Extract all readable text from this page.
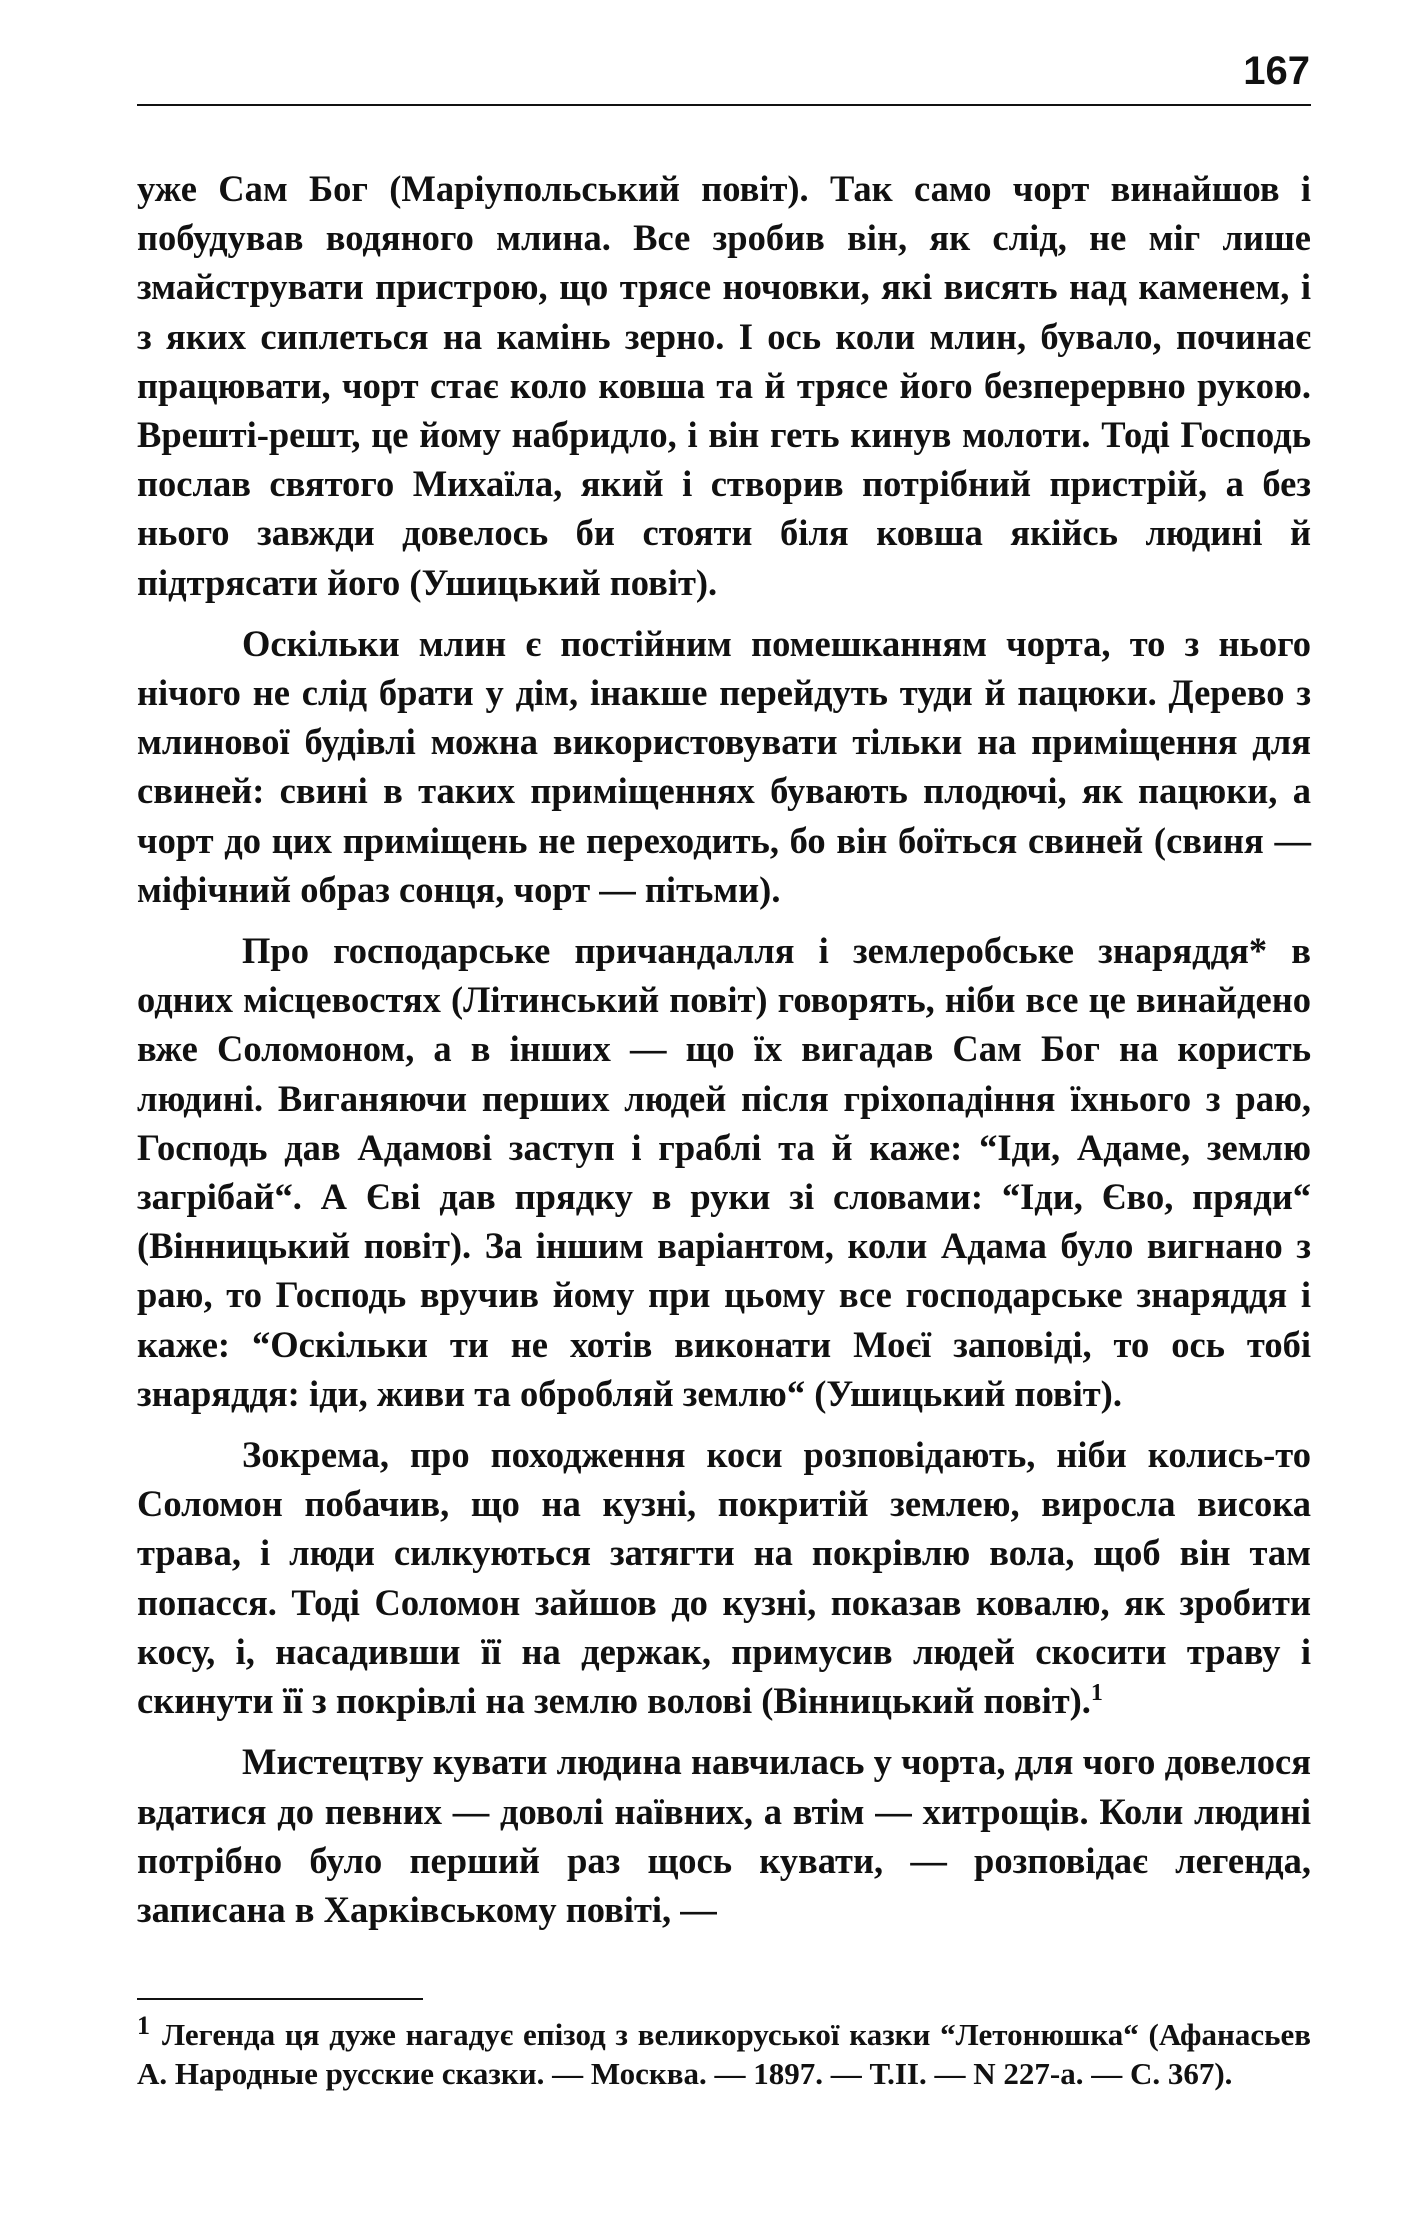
167

уже Сам Бог (Маріупольський повіт). Так само чорт винайшов і побудував водяного млина. Все зробив він, як слід, не міг лише змайструвати пристрою, що трясе ночовки, які висять над каменем, і з яких сиплеться на камінь зерно. І ось коли млин, бувало, починає працювати, чорт стає коло ковша та й трясе його безперервно рукою. Врешті-решт, це йому набридло, і він геть кинув молоти. Тоді Господь послав святого Михаїла, який і створив потрібний пристрій, а без нього завжди довелось би стояти біля ковша якійсь людині й підтрясати його (Ушицький повіт).

Оскільки млин є постійним помешканням чорта, то з нього нічого не слід брати у дім, інакше перейдуть туди й пацюки. Дерево з млинової будівлі можна використовувати тільки на приміщення для свиней: свині в таких приміщеннях бувають плодючі, як пацюки, а чорт до цих приміщень не переходить, бо він боїться свиней (свиня — міфічний образ сонця, чорт — пітьми).

Про господарське причандалля і землеробське знаряддя* в одних місцевостях (Літинський повіт) говорять, ніби все це винайдено вже Соломоном, а в інших — що їх вигадав Сам Бог на користь людині. Виганяючи перших людей після гріхопадіння їхнього з раю, Господь дав Адамові заступ і граблі та й каже: “Іди, Адаме, землю загрібай“. А Єві дав прядку в руки зі словами: “Іди, Єво, пряди“ (Вінницький повіт). За іншим варіантом, коли Адама було вигнано з раю, то Господь вручив йому при цьому все господарське знаряддя і каже: “Оскільки ти не хотів виконати Моєї заповіді, то ось тобі знаряддя: іди, живи та обробляй землю“ (Ушицький повіт).

Зокрема, про походження коси розповідають, ніби колись-то Соломон побачив, що на кузні, покритій землею, виросла висока трава, і люди силкуються затягти на покрівлю вола, щоб він там попасся. Тоді Соломон зайшов до кузні, показав ковалю, як зробити косу, і, насадивши її на держак, примусив людей скосити траву і скинути її з покрівлі на землю волові (Вінницький повіт).$^1$

Мистецтву кувати людина навчилась у чорта, для чого довелося вдатися до певних — доволі наївних, а втім — хитрощів. Коли людині потрібно було перший раз щось кувати, — розповідає легенда, записана в Харківському повіті, —

$^1$ Легенда ця дуже нагадує епізод з великоруської казки “Летонюшка“ (Афанасьев А. Народные русские сказки. — Москва. — 1897. — Т.ІІ. — N 227-а. — С. 367).
